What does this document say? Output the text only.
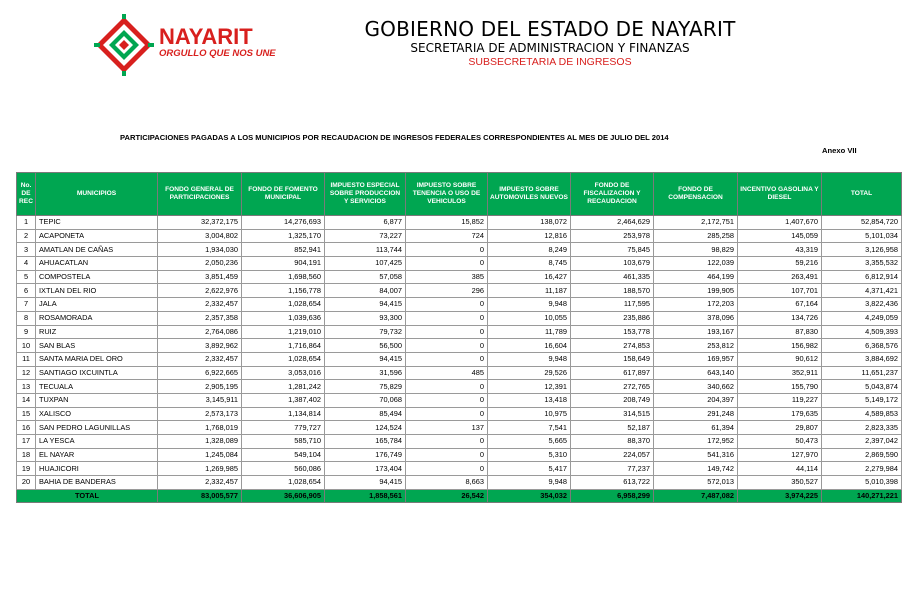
NAYARIT
ORGULLO QUE NOS UNE
GOBIERNO DEL ESTADO DE NAYARIT
SECRETARIA DE ADMINISTRACION Y FINANZAS
SUBSECRETARIA DE INGRESOS
PARTICIPACIONES PAGADAS A LOS MUNICIPIOS POR RECAUDACION DE INGRESOS FEDERALES CORRESPONDIENTES AL MES DE JULIO DEL 2014
Anexo VII
No. DE REC	MUNICIPIOS	FONDO GENERAL DE PARTICIPACIONES	FONDO DE FOMENTO MUNICIPAL	IMPUESTO ESPECIAL SOBRE PRODUCCION Y SERVICIOS	IMPUESTO SOBRE TENENCIA O USO DE VEHICULOS	IMPUESTO SOBRE AUTOMOVILES NUEVOS	FONDO DE FISCALIZACION Y RECAUDACION	FONDO DE COMPENSACION	INCENTIVO GASOLINA Y DIESEL	TOTAL
1	TEPIC	32,372,175	14,276,693	6,877	15,852	138,072	2,464,629	2,172,751	1,407,670	52,854,720
2	ACAPONETA	3,004,802	1,325,170	73,227	724	12,816	253,978	285,258	145,059	5,101,034
3	AMATLAN DE CAÑAS	1,934,030	852,941	113,744	0	8,249	75,845	98,829	43,319	3,126,958
4	AHUACATLAN	2,050,236	904,191	107,425	0	8,745	103,679	122,039	59,216	3,355,532
5	COMPOSTELA	3,851,459	1,698,560	57,058	385	16,427	461,335	464,199	263,491	6,812,914
6	IXTLAN DEL RIO	2,622,976	1,156,778	84,007	296	11,187	188,570	199,905	107,701	4,371,421
7	JALA	2,332,457	1,028,654	94,415	0	9,948	117,595	172,203	67,164	3,822,436
8	ROSAMORADA	2,357,358	1,039,636	93,300	0	10,055	235,886	378,096	134,726	4,249,059
9	RUIZ	2,764,086	1,219,010	79,732	0	11,789	153,778	193,167	87,830	4,509,393
10	SAN BLAS	3,892,962	1,716,864	56,500	0	16,604	274,853	253,812	156,982	6,368,576
11	SANTA MARIA DEL ORO	2,332,457	1,028,654	94,415	0	9,948	158,649	169,957	90,612	3,884,692
12	SANTIAGO IXCUINTLA	6,922,665	3,053,016	31,596	485	29,526	617,897	643,140	352,911	11,651,237
13	TECUALA	2,905,195	1,281,242	75,829	0	12,391	272,765	340,662	155,790	5,043,874
14	TUXPAN	3,145,911	1,387,402	70,068	0	13,418	208,749	204,397	119,227	5,149,172
15	XALISCO	2,573,173	1,134,814	85,494	0	10,975	314,515	291,248	179,635	4,589,853
16	SAN PEDRO LAGUNILLAS	1,768,019	779,727	124,524	137	7,541	52,187	61,394	29,807	2,823,335
17	LA YESCA	1,328,089	585,710	165,784	0	5,665	88,370	172,952	50,473	2,397,042
18	EL NAYAR	1,245,084	549,104	176,749	0	5,310	224,057	541,316	127,970	2,869,590
19	HUAJICORI	1,269,985	560,086	173,404	0	5,417	77,237	149,742	44,114	2,279,984
20	BAHIA DE BANDERAS	2,332,457	1,028,654	94,415	8,663	9,948	613,722	572,013	350,527	5,010,398
TOTAL		83,005,577	36,606,905	1,858,561	26,542	354,032	6,958,299	7,487,082	3,974,225	140,271,221
